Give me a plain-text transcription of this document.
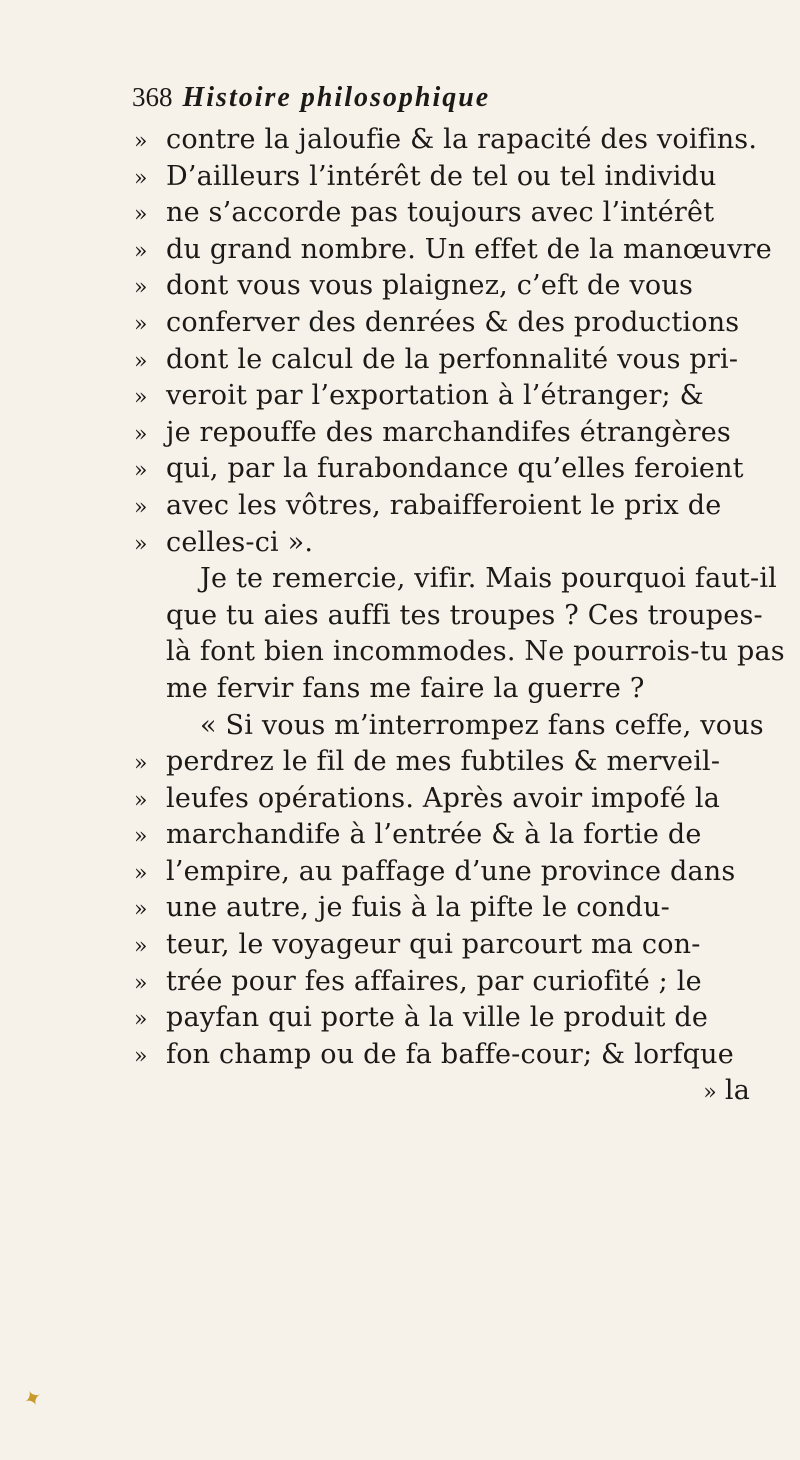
368 Histoire philosophique
» contre la jaloufie & la rapacité des voifins.
» D’ailleurs l’intérêt de tel ou tel individu
» ne s’accorde pas toujours avec l’intérêt
» du grand nombre. Un effet de la manœuvre
» dont vous vous plaignez, c’eft de vous
» conferver des denrées & des productions
» dont le calcul de la perfonnalité vous pri-
» veroit par l’exportation à l’étranger; &
» je repouffe des marchandifes étrangères
» qui, par la furabondance qu’elles feroient
» avec les vôtres, rabaifferoient le prix de
» celles-ci ».
Je te remercie, vifir. Mais pourquoi faut-il
que tu aies auffi tes troupes ? Ces troupes-
là font bien incommodes. Ne pourrois-tu pas
me fervir fans me faire la guerre ?
« Si vous m’interrompez fans ceffe, vous
» perdrez le fil de mes fubtiles & merveil-
» leufes opérations. Après avoir impofé la
» marchandife à l’entrée & à la fortie de
» l’empire, au paffage d’une province dans
» une autre, je fuis à la pifte le condu-
» teur, le voyageur qui parcourt ma con-
» trée pour fes affaires, par curiofité ; le
» payfan qui porte à la ville le produit de
» fon champ ou de fa baffe-cour; & lorfque
» la
✦
